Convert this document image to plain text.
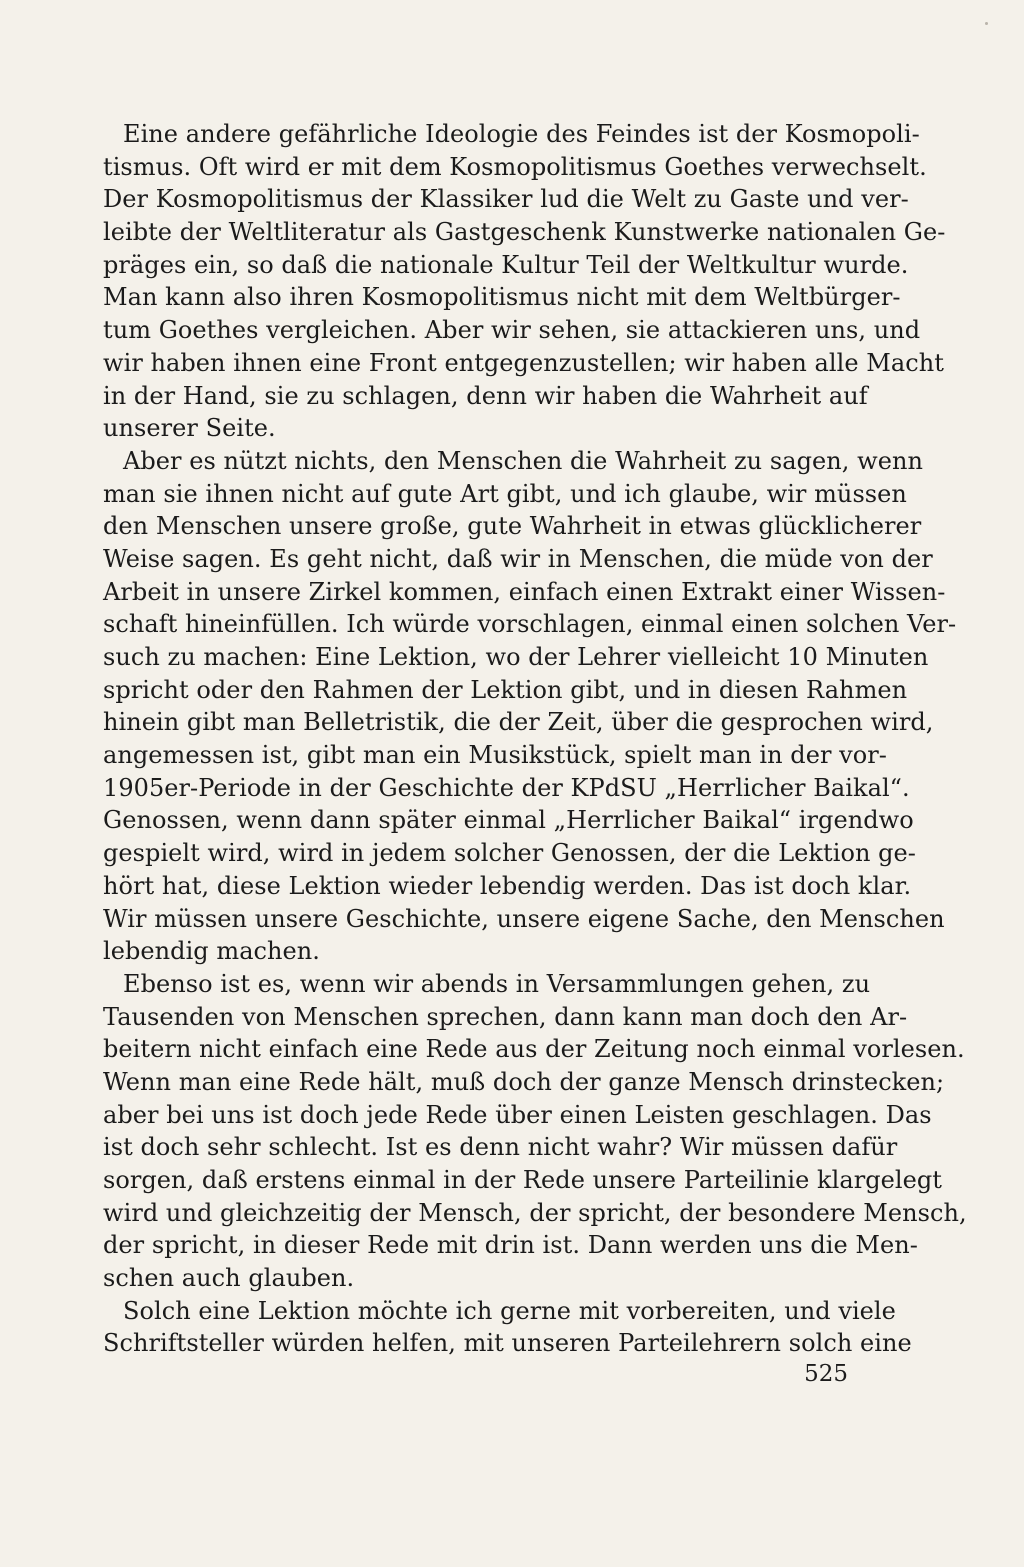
Eine andere gefährliche Ideologie des Feindes ist der Kosmopoli-
tismus. Oft wird er mit dem Kosmopolitismus Goethes verwechselt.
Der Kosmopolitismus der Klassiker lud die Welt zu Gaste und ver-
leibte der Weltliteratur als Gastgeschenk Kunstwerke nationalen Ge-
präges ein, so daß die nationale Kultur Teil der Weltkultur wurde.
Man kann also ihren Kosmopolitismus nicht mit dem Weltbürger-
tum Goethes vergleichen. Aber wir sehen, sie attackieren uns, und
wir haben ihnen eine Front entgegenzustellen; wir haben alle Macht
in der Hand, sie zu schlagen, denn wir haben die Wahrheit auf
unserer Seite.
Aber es nützt nichts, den Menschen die Wahrheit zu sagen, wenn
man sie ihnen nicht auf gute Art gibt, und ich glaube, wir müssen
den Menschen unsere große, gute Wahrheit in etwas glücklicherer
Weise sagen. Es geht nicht, daß wir in Menschen, die müde von der
Arbeit in unsere Zirkel kommen, einfach einen Extrakt einer Wissen-
schaft hineinfüllen. Ich würde vorschlagen, einmal einen solchen Ver-
such zu machen: Eine Lektion, wo der Lehrer vielleicht 10 Minuten
spricht oder den Rahmen der Lektion gibt, und in diesen Rahmen
hinein gibt man Belletristik, die der Zeit, über die gesprochen wird,
angemessen ist, gibt man ein Musikstück, spielt man in der vor-
1905er-Periode in der Geschichte der KPdSU „Herrlicher Baikal“.
Genossen, wenn dann später einmal „Herrlicher Baikal“ irgendwo
gespielt wird, wird in jedem solcher Genossen, der die Lektion ge-
hört hat, diese Lektion wieder lebendig werden. Das ist doch klar.
Wir müssen unsere Geschichte, unsere eigene Sache, den Menschen
lebendig machen.
Ebenso ist es, wenn wir abends in Versammlungen gehen, zu
Tausenden von Menschen sprechen, dann kann man doch den Ar-
beitern nicht einfach eine Rede aus der Zeitung noch einmal vorlesen.
Wenn man eine Rede hält, muß doch der ganze Mensch drinstecken;
aber bei uns ist doch jede Rede über einen Leisten geschlagen. Das
ist doch sehr schlecht. Ist es denn nicht wahr? Wir müssen dafür
sorgen, daß erstens einmal in der Rede unsere Parteilinie klargelegt
wird und gleichzeitig der Mensch, der spricht, der besondere Mensch,
der spricht, in dieser Rede mit drin ist. Dann werden uns die Men-
schen auch glauben.
Solch eine Lektion möchte ich gerne mit vorbereiten, und viele
Schriftsteller würden helfen, mit unseren Parteilehrern solch eine
525
